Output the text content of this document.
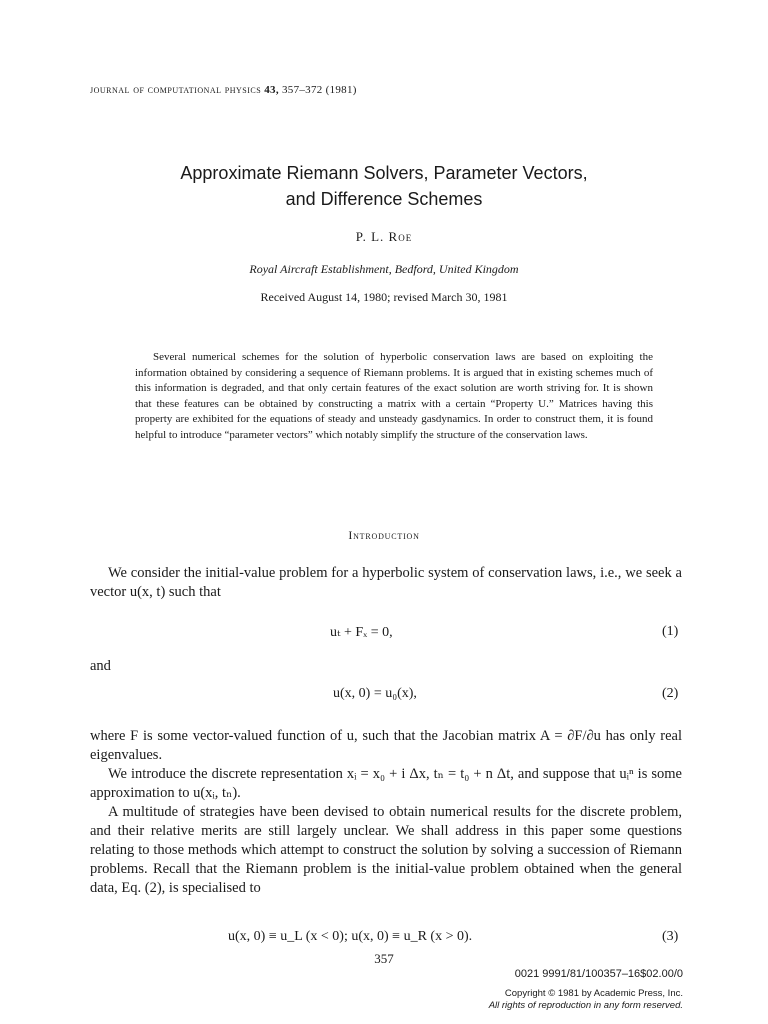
journal of computational physics 43, 357–372 (1981)
Approximate Riemann Solvers, Parameter Vectors,
and Difference Schemes
P. L. Roe
Royal Aircraft Establishment, Bedford, United Kingdom
Received August 14, 1980; revised March 30, 1981
Several numerical schemes for the solution of hyperbolic conservation laws are based on exploiting the information obtained by considering a sequence of Riemann problems. It is argued that in existing schemes much of this information is degraded, and that only certain features of the exact solution are worth striving for. It is shown that these features can be obtained by constructing a matrix with a certain “Property U.” Matrices having this property are exhibited for the equations of steady and unsteady gasdynamics. In order to construct them, it is found helpful to introduce “parameter vectors” which notably simplify the structure of the conservation laws.
Introduction
We consider the initial-value problem for a hyperbolic system of conservation laws, i.e., we seek a vector u(x, t) such that
uₜ + Fₓ = 0,	(1)
and
u(x, 0) = u₀(x),	(2)
where F is some vector-valued function of u, such that the Jacobian matrix A = ∂F/∂u has only real eigenvalues.
We introduce the discrete representation xᵢ = x₀ + i Δx, tₙ = t₀ + n Δt, and suppose that uᵢⁿ is some approximation to u(xᵢ, tₙ).
A multitude of strategies have been devised to obtain numerical results for the discrete problem, and their relative merits are still largely unclear. We shall address in this paper some questions relating to those methods which attempt to construct the solution by solving a succession of Riemann problems. Recall that the Riemann problem is the initial-value problem obtained when the general data, Eq. (2), is specialised to
u(x, 0) ≡ u_L (x < 0); u(x, 0) ≡ u_R (x > 0).	(3)
357
0021 9991/81/100357–16$02.00/0
Copyright © 1981 by Academic Press, Inc.
All rights of reproduction in any form reserved.
